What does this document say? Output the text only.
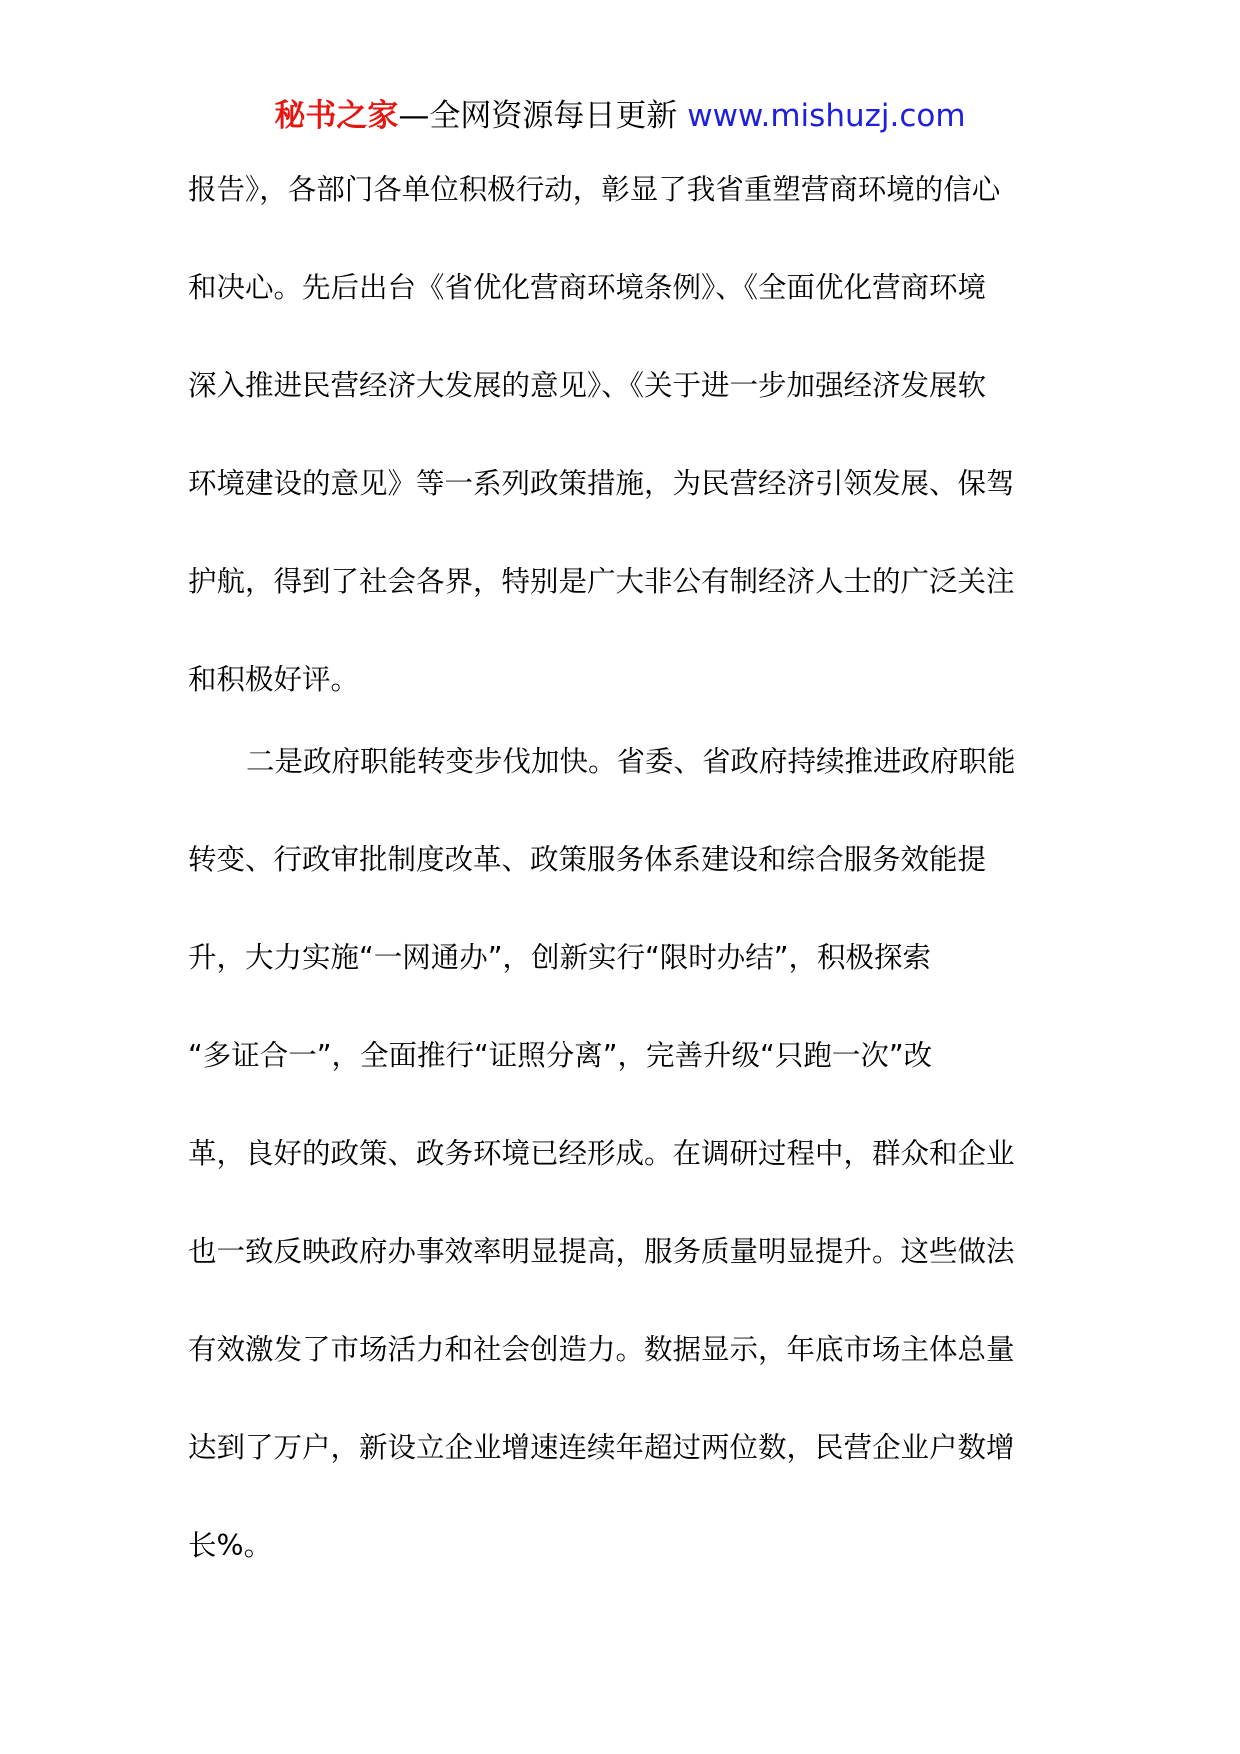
秘书之家—全网资源每日更新 www.mishuzj.com
报告》，各部门各单位积极行动，彰显了我省重塑营商环境的信心
和决心。先后出台《省优化营商环境条例》、《全面优化营商环境
深入推进民营经济大发展的意见》、《关于进一步加强经济发展软
环境建设的意见》等一系列政策措施，为民营经济引领发展、保驾
护航，得到了社会各界，特别是广大非公有制经济人士的广泛关注
和积极好评。
二是政府职能转变步伐加快。省委、省政府持续推进政府职能
转变、行政审批制度改革、政策服务体系建设和综合服务效能提
升，大力实施“一网通办”，创新实行“限时办结”，积极探索
“多证合一”，全面推行“证照分离”，完善升级“只跑一次”改
革，良好的政策、政务环境已经形成。在调研过程中，群众和企业
也一致反映政府办事效率明显提高，服务质量明显提升。这些做法
有效激发了市场活力和社会创造力。数据显示，年底市场主体总量
达到了万户，新设立企业增速连续年超过两位数，民营企业户数增
长%。
